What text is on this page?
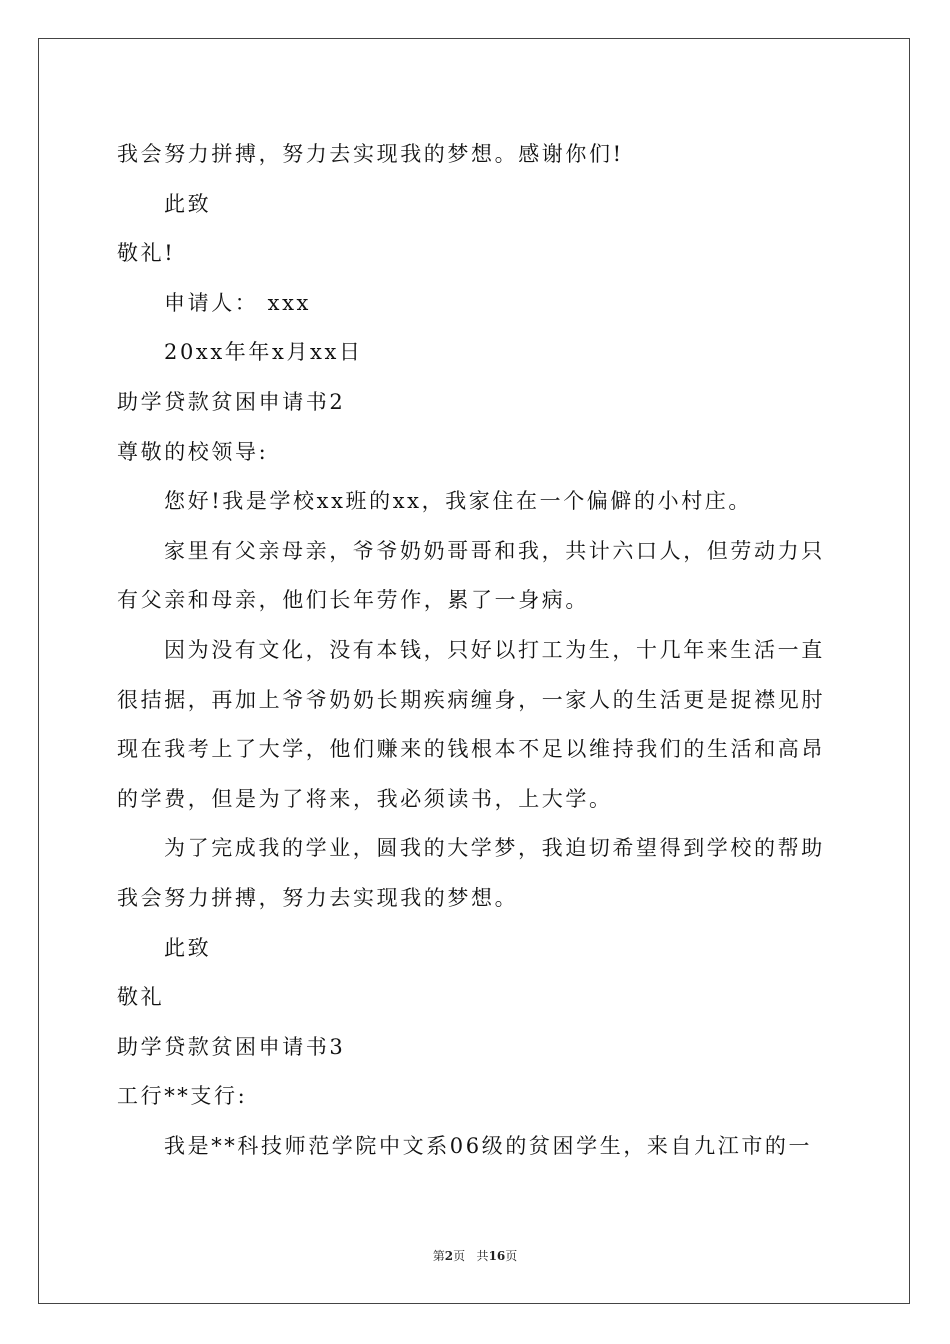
我会努力拼搏，努力去实现我的梦想。感谢你们!
此致
敬礼!
申请人： xxx
20xx年年x月xx日
助学贷款贫困申请书2
尊敬的校领导:
您好!我是学校xx班的xx，我家住在一个偏僻的小村庄。
家里有父亲母亲，爷爷奶奶哥哥和我，共计六口人，但劳动力只
有父亲和母亲，他们长年劳作，累了一身病。
因为没有文化，没有本钱，只好以打工为生，十几年来生活一直
很拮据，再加上爷爷奶奶长期疾病缠身，一家人的生活更是捉襟见肘
现在我考上了大学，他们赚来的钱根本不足以维持我们的生活和高昂
的学费，但是为了将来，我必须读书，上大学。
为了完成我的学业，圆我的大学梦，我迫切希望得到学校的帮助
我会努力拼搏，努力去实现我的梦想。
此致
敬礼
助学贷款贫困申请书3
工行**支行:
我是**科技师范学院中文系06级的贫困学生，来自九江市的一
第2页 共16页
